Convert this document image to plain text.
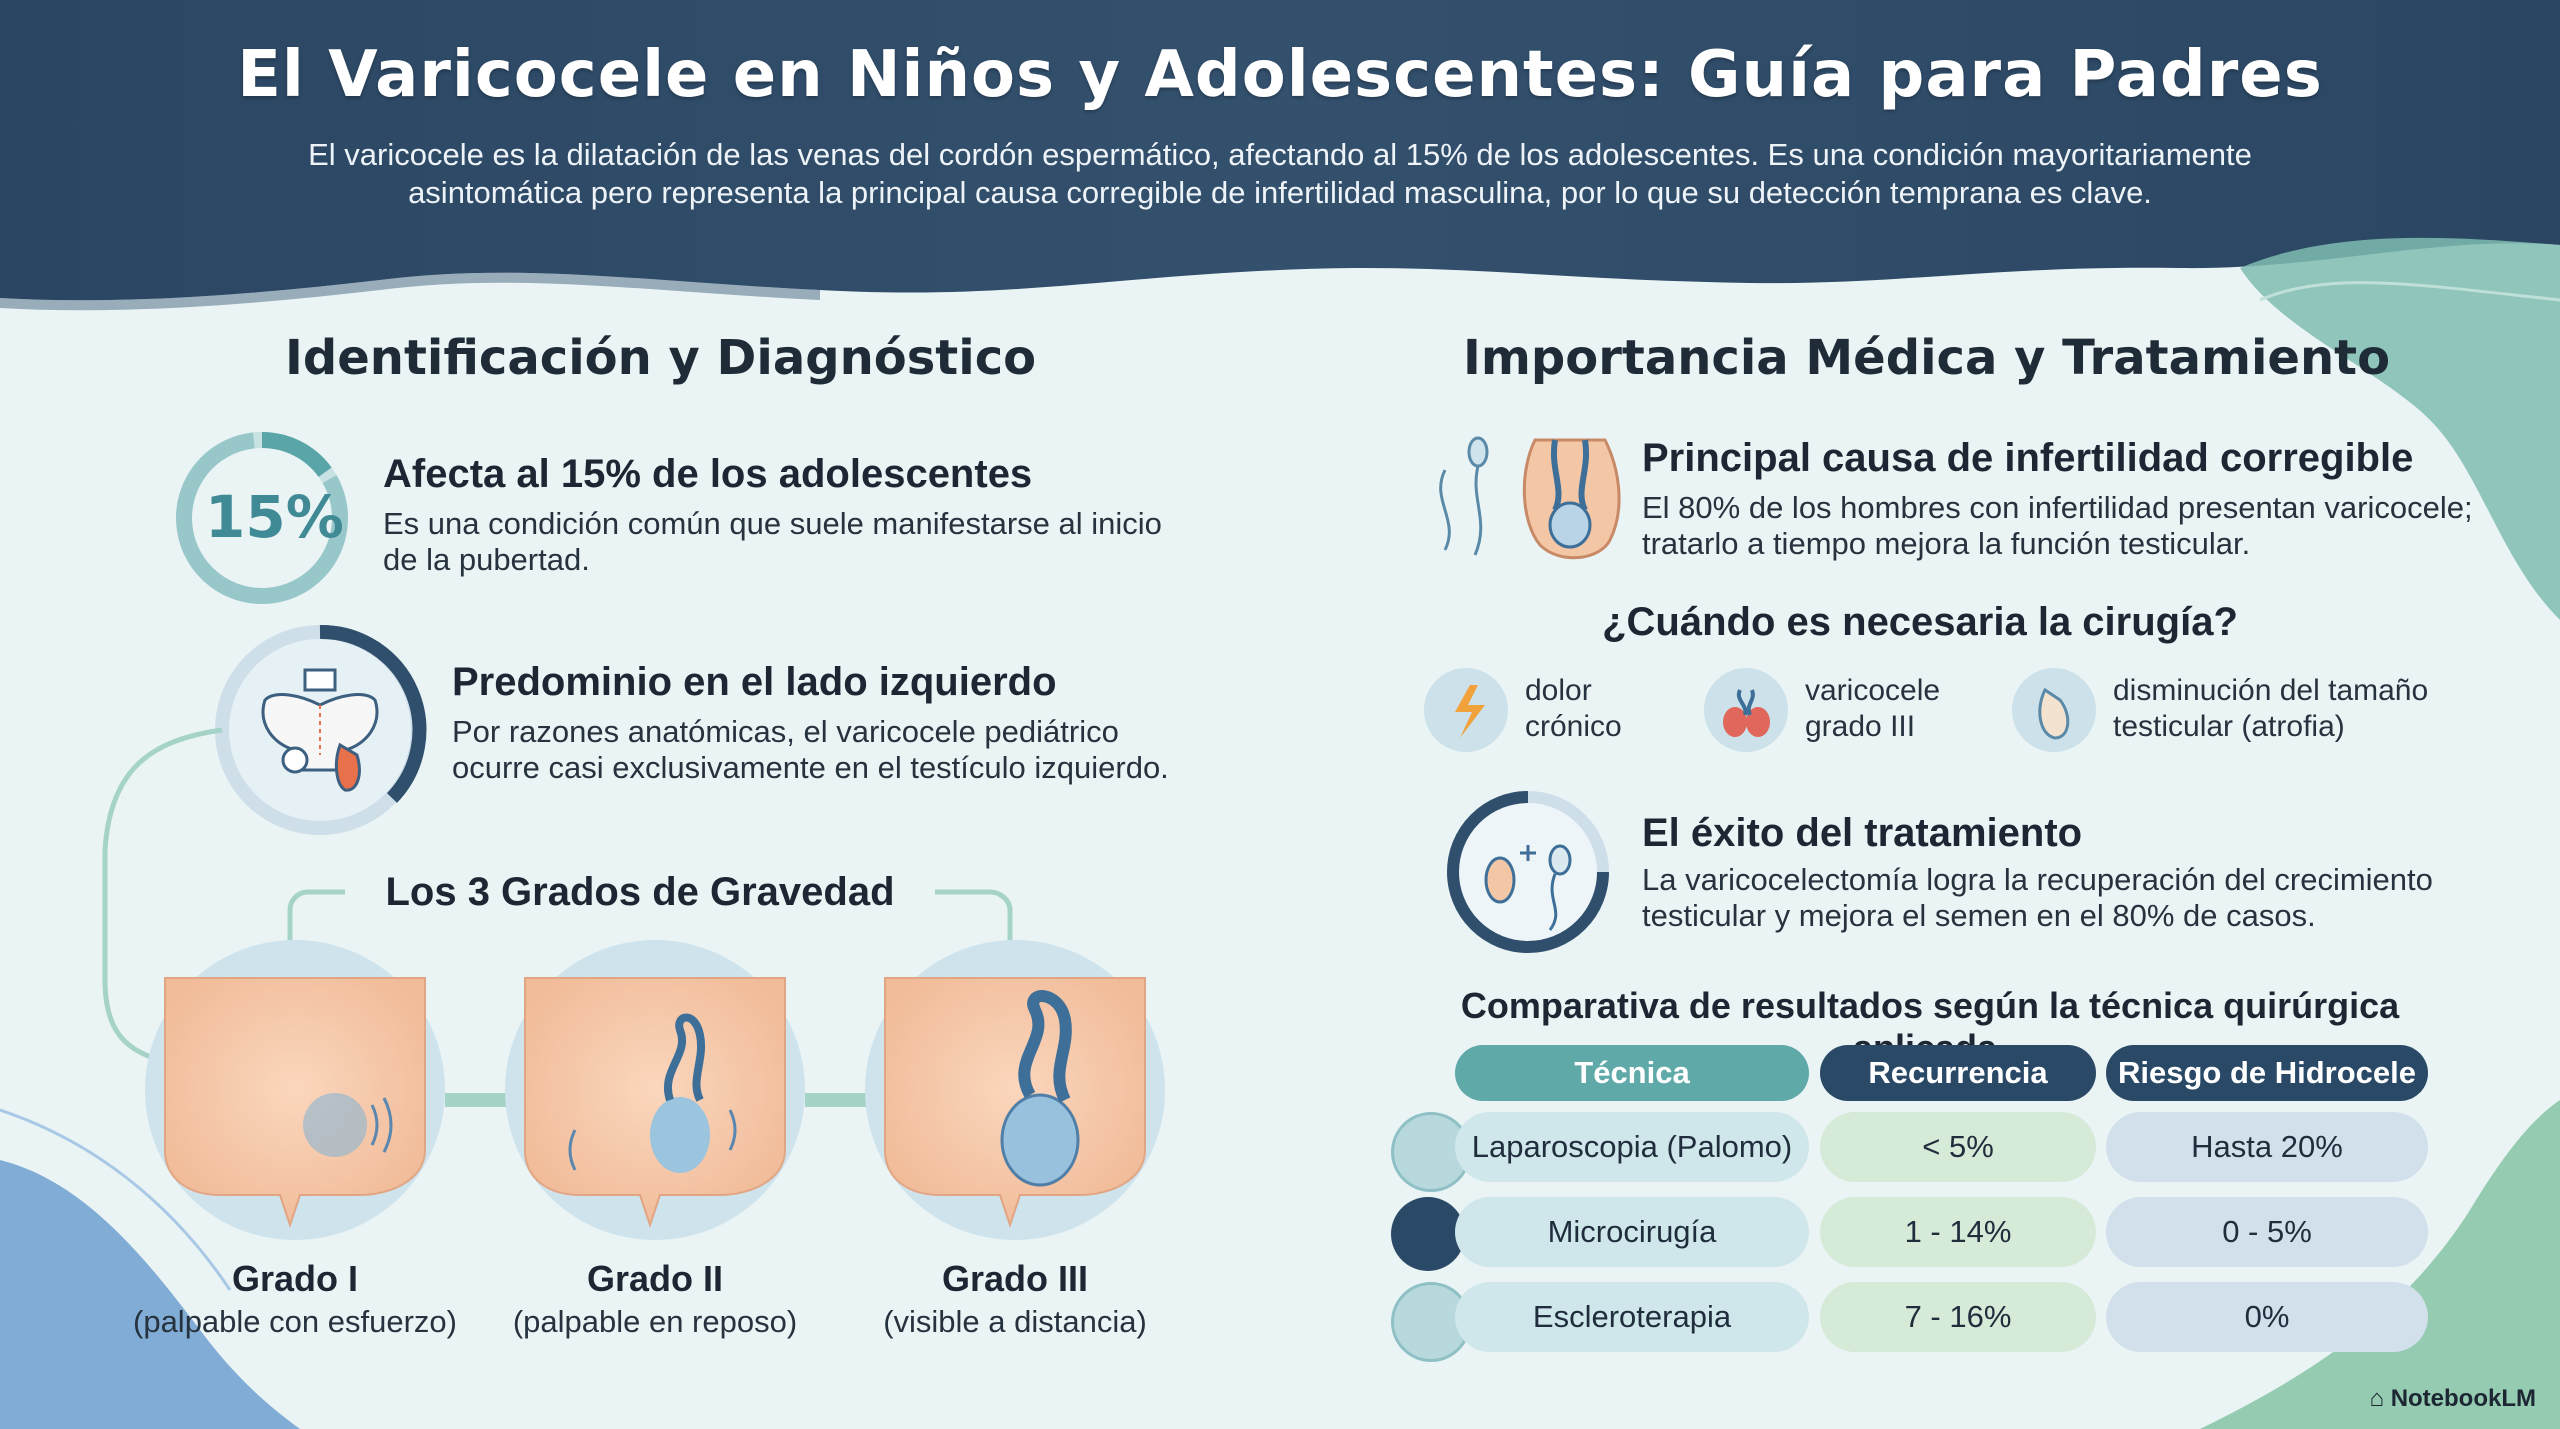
El Varicocele en Niños y Adolescentes: Guía para Padres
El varicocele es la dilatación de las venas del cordón espermático, afectando al 15% de los adolescentes. Es una condición mayoritariamente
asintomática pero representa la principal causa corregible de infertilidad masculina, por lo que su detección temprana es clave.
Identificación y Diagnóstico
15%
Afecta al 15% de los adolescentes
Es una condición común que suele manifestarse al inicio
de la pubertad.
Predominio en el lado izquierdo
Por razones anatómicas, el varicocele pediátrico
ocurre casi exclusivamente en el testículo izquierdo.
Los 3 Grados de Gravedad
Grado I
(palpable con esfuerzo)
Grado II
(palpable en reposo)
Grado III
(visible a distancia)
Importancia Médica y Tratamiento
Principal causa de infertilidad corregible
El 80% de los hombres con infertilidad presentan varicocele;
tratarlo a tiempo mejora la función testicular.
¿Cuándo es necesaria la cirugía?
dolor
crónico
varicocele
grado III
disminución del tamaño
testicular (atrofia)
El éxito del tratamiento
La varicocelectomía logra la recuperación del crecimiento
testicular y mejora el semen en el 80% de casos.
Comparativa de resultados según la técnica quirúrgica
Técnica	Recurrencia	Riesgo de Hidrocele
Laparoscopia (Palomo)	< 5%	Hasta 20%
Microcirugía	1 - 14%	0 - 5%
Escleroterapia	7 - 16%	0%
⌂ NotebookLM
